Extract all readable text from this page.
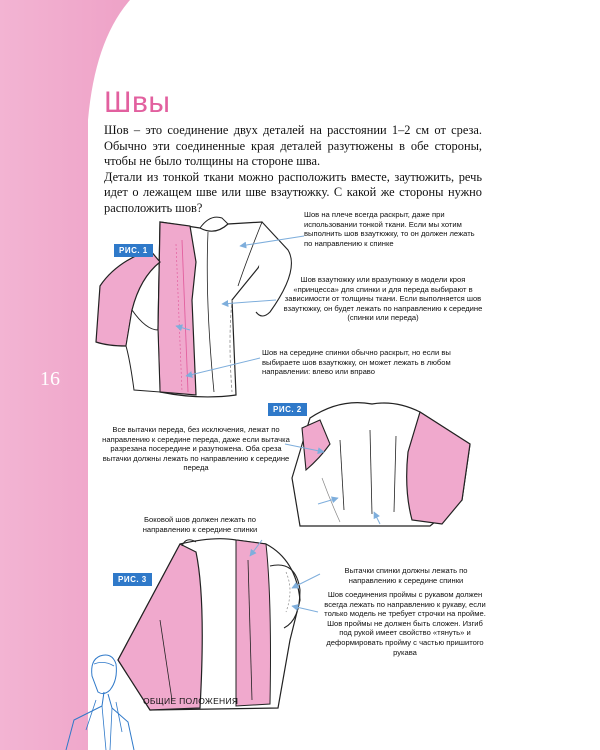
Швы

Шов – это соединение двух деталей на расстоянии 1–2 см от среза. Обычно эти соединенные края деталей разутюжены в обе стороны, чтобы не было толщины на стороне шва.

Детали из тонкой ткани можно расположить вместе, заутюжить, речь идет о лежащем шве или шве взаутюжку. С какой же стороны нужно расположить шов?

16
РИС. 1
РИС. 2
РИС. 3
Шов на плече всегда раскрыт, даже при использовании тонкой ткани. Если мы хотим выполнить шов взаутюжку, то он должен лежать по направлению к спинке
Шов взаутюжку или вразутюжку в модели кроя «принцесса» для спинки и для переда выбирают в зависимости от толщины ткани. Если выполняется шов взаутюжку, он будет лежать по направлению к середине (спинки или переда)
Шов на середине спинки обычно раскрыт, но если вы выбираете шов взаутюжку, он может лежать в любом направлении: влево или вправо
Все вытачки переда, без исключения, лежат по направлению к середине переда, даже если вытачка разрезана посередине и разутюжена. Оба среза вытачки должны лежать по направлению к середине переда
Боковой шов должен лежать по направлению к середине спинки
Вытачки спинки должны лежать по направлению к середине спинки
Шов соединения проймы с рукавом должен всегда лежать по направлению к рукаву, если только модель не требует строчки на пройме. Шов проймы не должен быть сложен. Изгиб под рукой имеет свойство «тянуть» и деформировать пройму с частью пришитого рукава
ОБЩИЕ ПОЛОЖЕНИЯ
